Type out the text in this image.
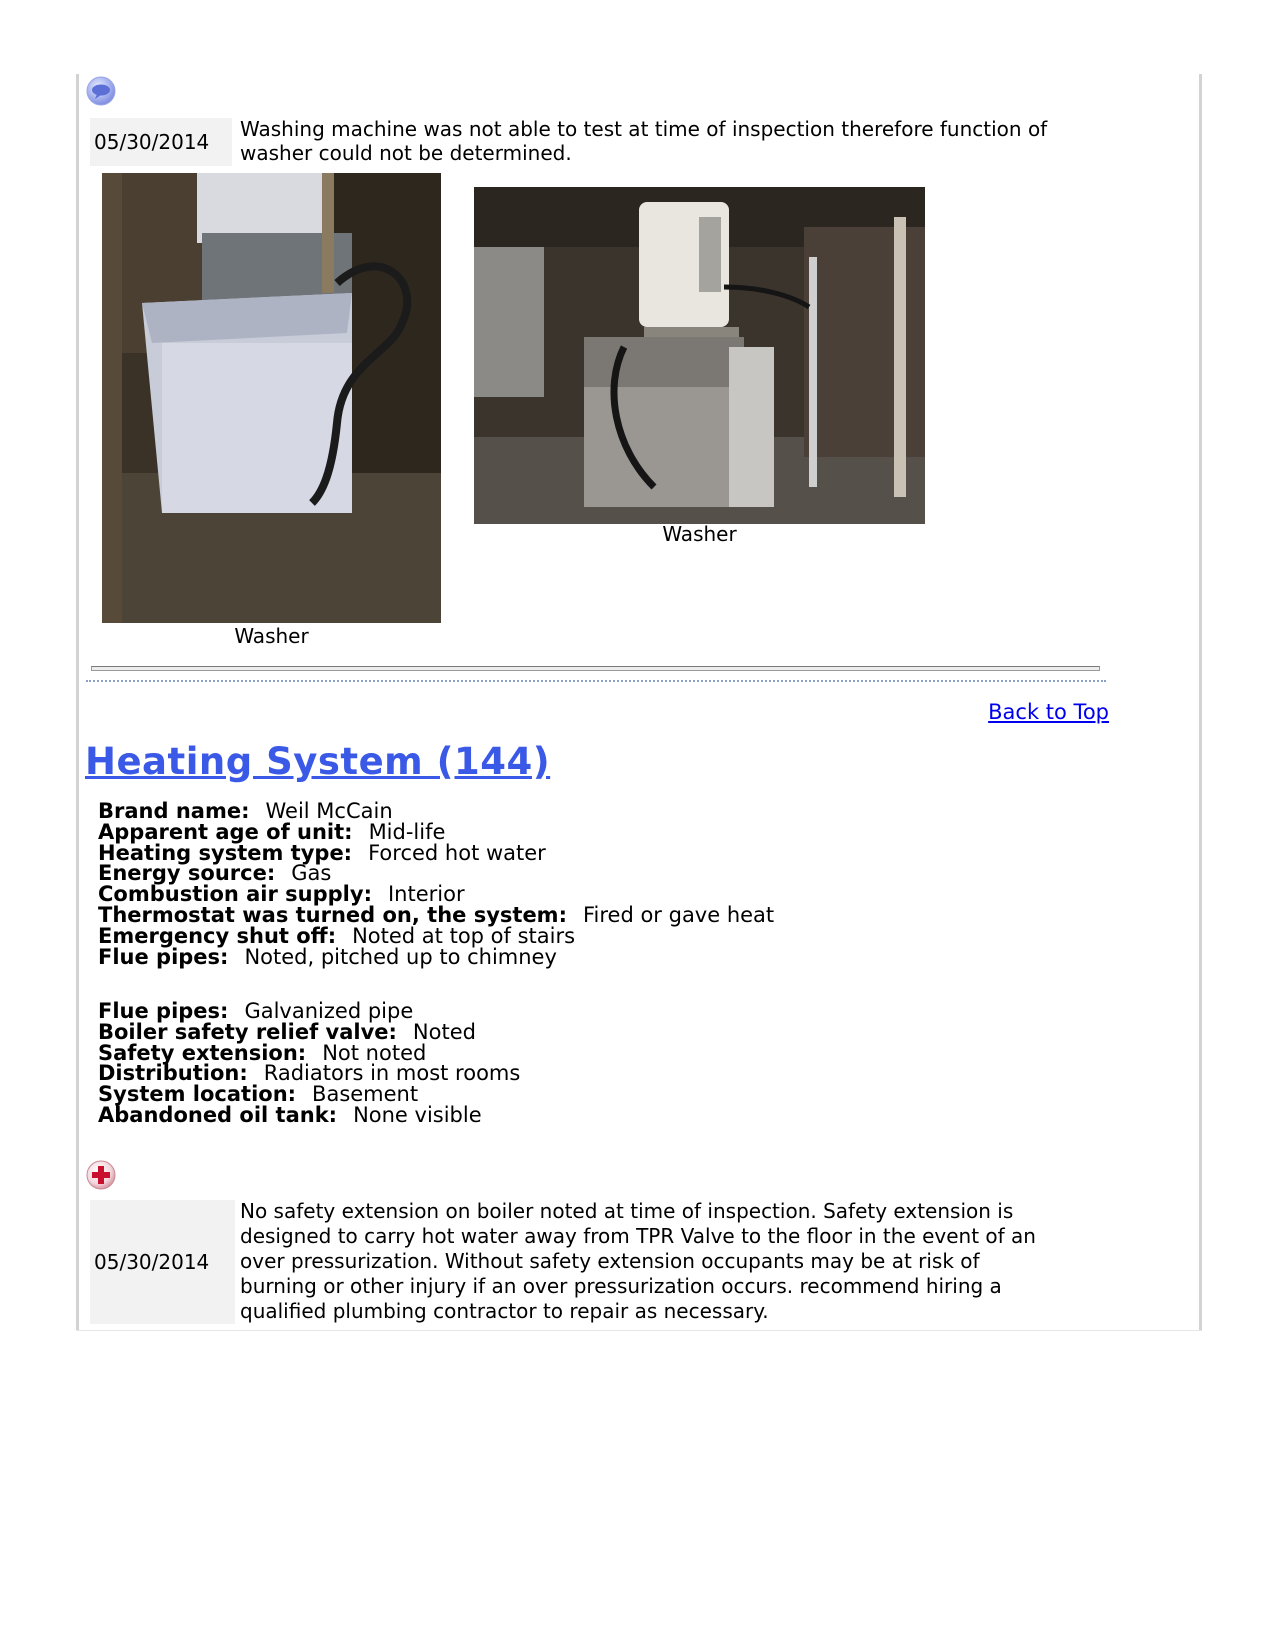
05/30/2014
Washing machine was not able to test at time of inspection therefore function of
washer could not be determined.
Washer
Washer
Back to Top
Heating System (144)
Brand name: Weil McCain
Apparent age of unit: Mid-life
Heating system type: Forced hot water
Energy source: Gas
Combustion air supply: Interior
Thermostat was turned on, the system: Fired or gave heat
Emergency shut off: Noted at top of stairs
Flue pipes: Noted, pitched up to chimney
Flue pipes: Galvanized pipe
Boiler safety relief valve: Noted
Safety extension: Not noted
Distribution: Radiators in most rooms
System location: Basement
Abandoned oil tank: None visible
05/30/2014
No safety extension on boiler noted at time of inspection. Safety extension is
designed to carry hot water away from TPR Valve to the floor in the event of an
over pressurization. Without safety extension occupants may be at risk of
burning or other injury if an over pressurization occurs. recommend hiring a
qualified plumbing contractor to repair as necessary.
